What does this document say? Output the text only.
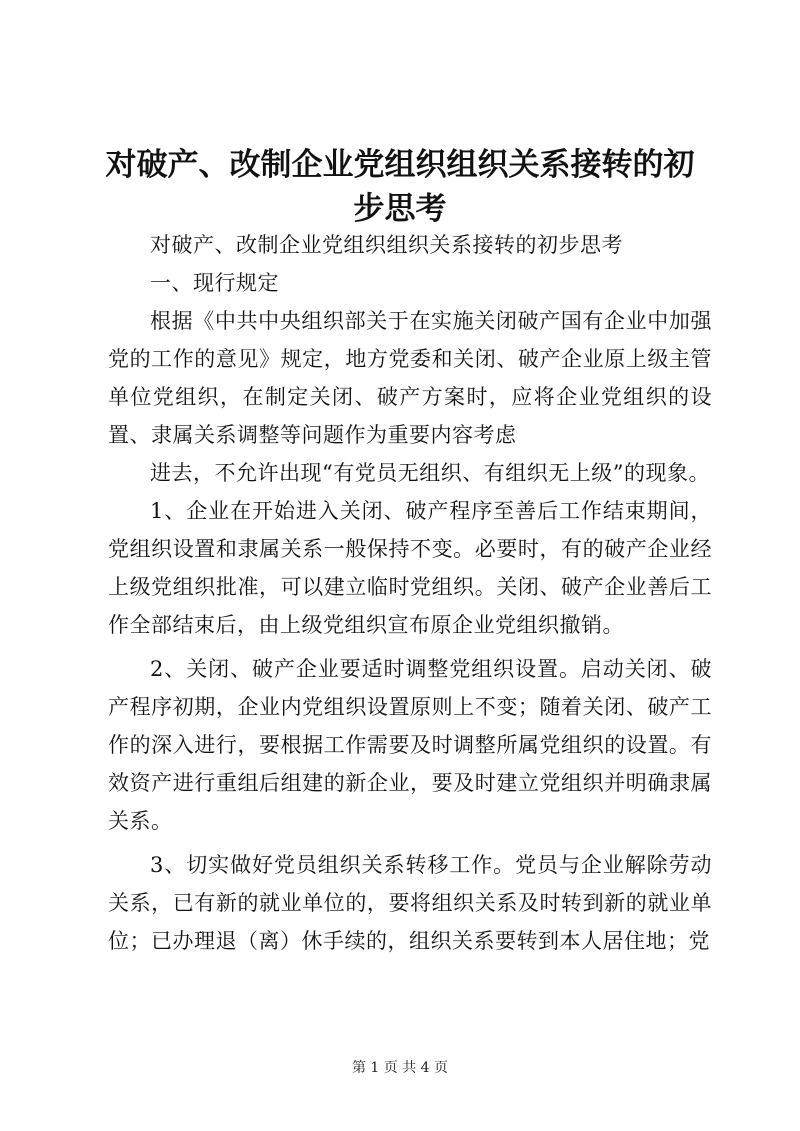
对破产、改制企业党组织组织关系接转的初步思考

对破产、改制企业党组织组织关系接转的初步思考

一、现行规定

根据《中共中央组织部关于在实施关闭破产国有企业中加强党的工作的意见》规定，地方党委和关闭、破产企业原上级主管单位党组织，在制定关闭、破产方案时，应将企业党组织的设置、隶属关系调整等问题作为重要内容考虑

进去，不允许出现“有党员无组织、有组织无上级”的现象。

1、企业在开始进入关闭、破产程序至善后工作结束期间，党组织设置和隶属关系一般保持不变。必要时，有的破产企业经上级党组织批准，可以建立临时党组织。关闭、破产企业善后工作全部结束后，由上级党组织宣布原企业党组织撤销。

2、关闭、破产企业要适时调整党组织设置。启动关闭、破产程序初期，企业内党组织设置原则上不变；随着关闭、破产工作的深入进行，要根据工作需要及时调整所属党组织的设置。有效资产进行重组后组建的新企业，要及时建立党组织并明确隶属关系。

3、切实做好党员组织关系转移工作。党员与企业解除劳动关系，已有新的就业单位的，要将组织关系及时转到新的就业单位；已办理退（离）休手续的，组织关系要转到本人居住地；党

第 1 页 共 4 页
